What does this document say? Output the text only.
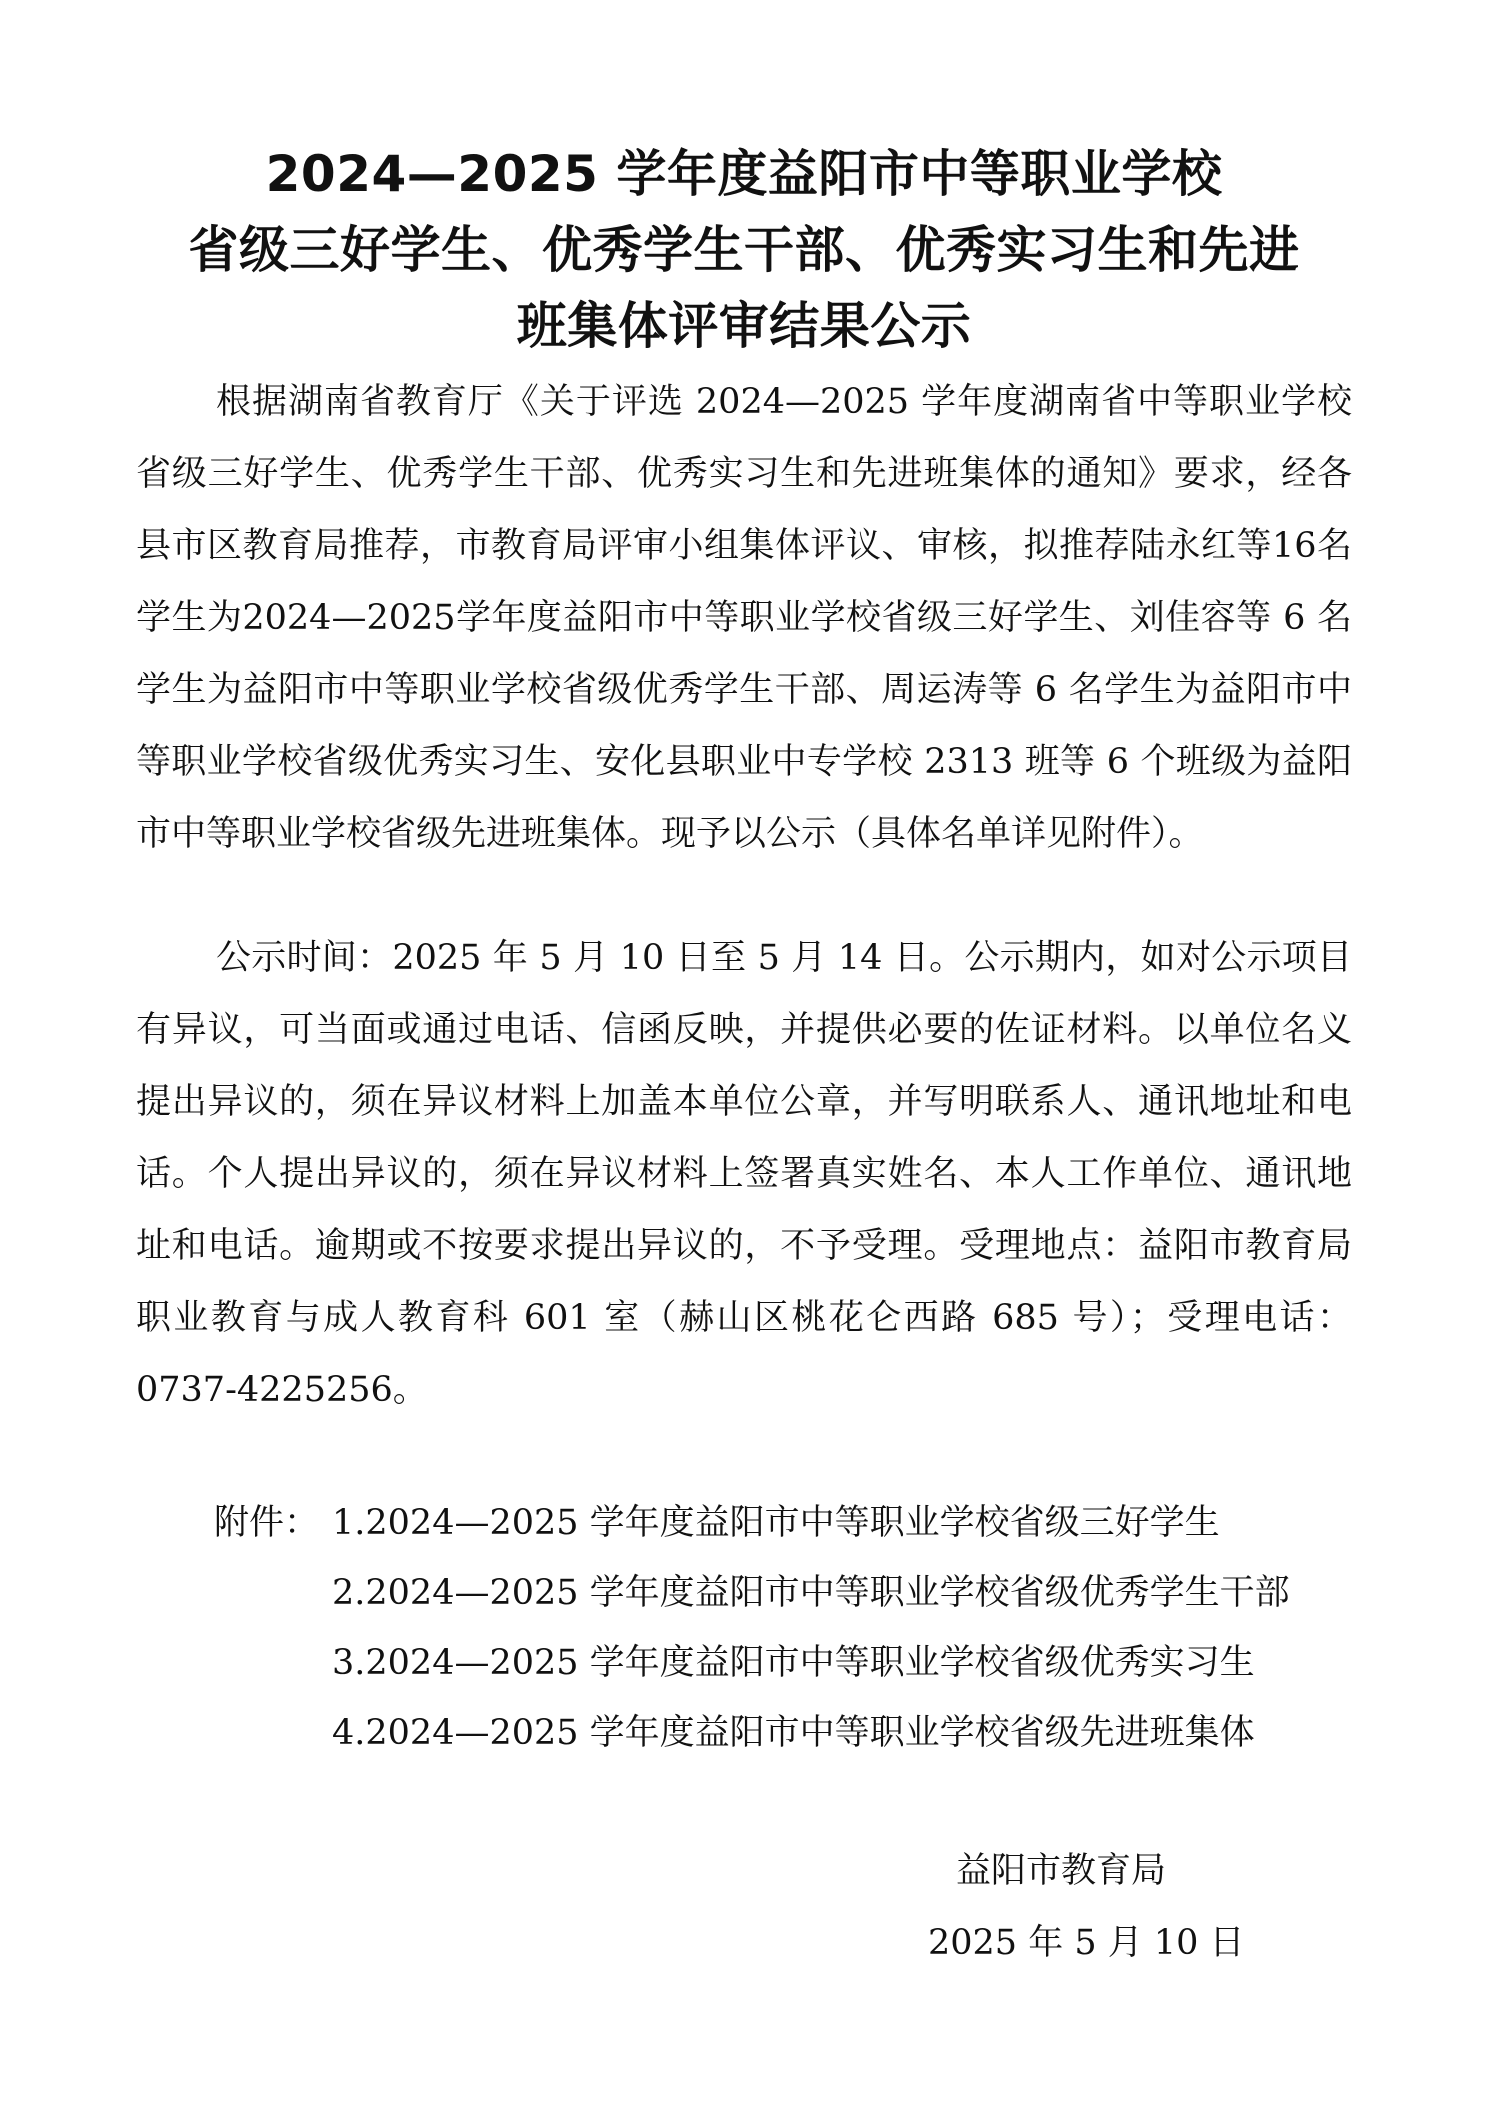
2024—2025 学年度益阳市中等职业学校
省级三好学生、优秀学生干部、优秀实习生和先进
班集体评审结果公示

根据湖南省教育厅《关于评选 2024—2025 学年度湖南省中等职业学校省级三好学生、优秀学生干部、优秀实习生和先进班集体的通知》要求，经各县市区教育局推荐，市教育局评审小组集体评议、审核，拟推荐陆永红等16名学生为2024—2025学年度益阳市中等职业学校省级三好学生、刘佳容等 6 名学生为益阳市中等职业学校省级优秀学生干部、周运涛等 6 名学生为益阳市中等职业学校省级优秀实习生、安化县职业中专学校 2313 班等 6 个班级为益阳市中等职业学校省级先进班集体。现予以公示（具体名单详见附件）。

公示时间：2025 年 5 月 10 日至 5 月 14 日。公示期内，如对公示项目有异议，可当面或通过电话、信函反映，并提供必要的佐证材料。以单位名义提出异议的，须在异议材料上加盖本单位公章，并写明联系人、通讯地址和电话。个人提出异议的，须在异议材料上签署真实姓名、本人工作单位、通讯地址和电话。逾期或不按要求提出异议的，不予受理。受理地点：益阳市教育局职业教育与成人教育科 601 室（赫山区桃花仑西路 685 号）；受理电话：0737-4225256。

附件： 1.2024—2025 学年度益阳市中等职业学校省级三好学生
2.2024—2025 学年度益阳市中等职业学校省级优秀学生干部
3.2024—2025 学年度益阳市中等职业学校省级优秀实习生
4.2024—2025 学年度益阳市中等职业学校省级先进班集体
益阳市教育局
2025 年 5 月 10 日
